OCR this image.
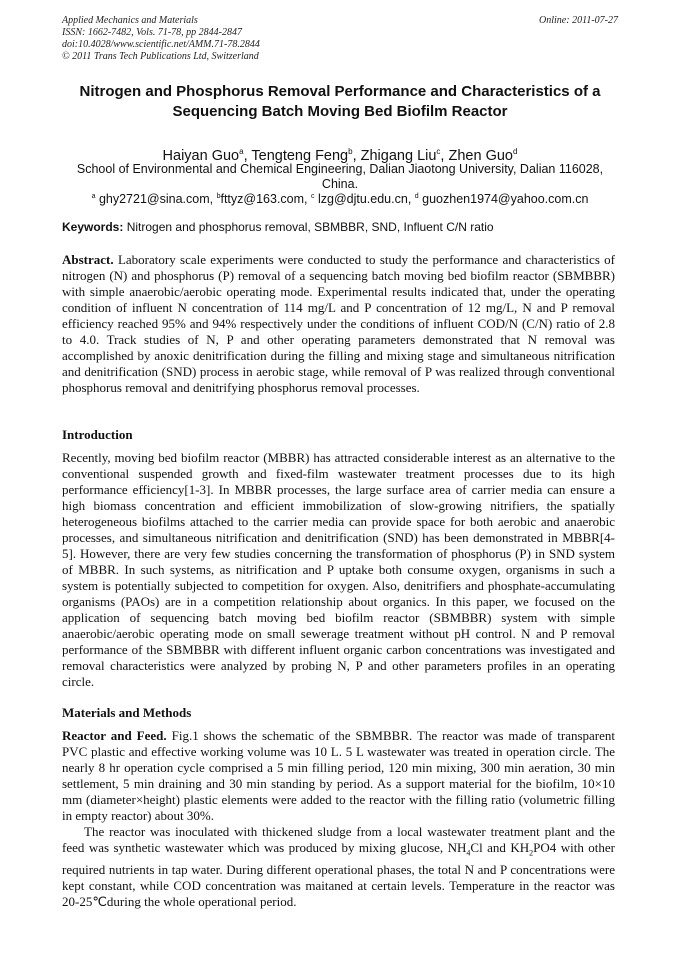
Applied Mechanics and Materials
ISSN: 1662-7482, Vols. 71-78, pp 2844-2847
doi:10.4028/www.scientific.net/AMM.71-78.2844
© 2011 Trans Tech Publications Ltd, Switzerland
Online: 2011-07-27
Nitrogen and Phosphorus Removal Performance and Characteristics of a Sequencing Batch Moving Bed Biofilm Reactor
Haiyan Guo$^a$, Tengteng Feng$^b$, Zhigang Liu$^c$, Zhen Guo$^d$
School of Environmental and Chemical Engineering, Dalian Jiaotong University, Dalian 116028, China.
$^a$ ghy2721@sina.com, $^b$fttyz@163.com, $^c$ lzg@djtu.edu.cn, $^d$ guozhen1974@yahoo.com.cn
Keywords: Nitrogen and phosphorus removal, SBMBBR, SND, Influent C/N ratio
Abstract. Laboratory scale experiments were conducted to study the performance and characteristics of nitrogen (N) and phosphorus (P) removal of a sequencing batch moving bed biofilm reactor (SBMBBR) with simple anaerobic/aerobic operating mode. Experimental results indicated that, under the operating condition of influent N concentration of 114 mg/L and P concentration of 12 mg/L, N and P removal efficiency reached 95% and 94% respectively under the conditions of influent COD/N (C/N) ratio of 2.8 to 4.0. Track studies of N, P and other operating parameters demonstrated that N removal was accomplished by anoxic denitrification during the filling and mixing stage and simultaneous nitrification and denitrification (SND) process in aerobic stage, while removal of P was realized through conventional phosphorus removal and denitrifying phosphorus removal processes.
Introduction
Recently, moving bed biofilm reactor (MBBR) has attracted considerable interest as an alternative to the conventional suspended growth and fixed-film wastewater treatment processes due to its high performance efficiency[1-3]. In MBBR processes, the large surface area of carrier media can ensure a high biomass concentration and efficient immobilization of slow-growing nitrifiers, the spatially heterogeneous biofilms attached to the carrier media can provide space for both aerobic and anaerobic processes, and simultaneous nitrification and denitrification (SND) has been demonstrated in MBBR[4-5]. However, there are very few studies concerning the transformation of phosphorus (P) in SND system of MBBR. In such systems, as nitrification and P uptake both consume oxygen, organisms in such a system is potentially subjected to competition for oxygen. Also, denitrifiers and phosphate-accumulating organisms (PAOs) are in a competition relationship about organics. In this paper, we focused on the application of sequencing batch moving bed biofilm reactor (SBMBBR) system with simple anaerobic/aerobic operating mode on small sewerage treatment without pH control. N and P removal performance of the SBMBBR with different influent organic carbon concentrations was investigated and removal characteristics were analyzed by probing N, P and other parameters profiles in an operating circle.
Materials and Methods
Reactor and Feed. Fig.1 shows the schematic of the SBMBBR. The reactor was made of transparent PVC plastic and effective working volume was 10 L. 5 L wastewater was treated in operation circle. The nearly 8 hr operation cycle comprised a 5 min filling period, 120 min mixing, 300 min aeration, 30 min settlement, 5 min draining and 30 min standing by period. As a support material for the biofilm, 10×10 mm (diameter×height) plastic elements were added to the reactor with the filling ratio (volumetric filling in empty reactor) about 30%.
The reactor was inoculated with thickened sludge from a local wastewater treatment plant and the feed was synthetic wastewater which was produced by mixing glucose, $NH_4Cl$ and $KH_2PO4$ with other required nutrients in tap water. During different operational phases, the total N and P concentrations were kept constant, while COD concentration was maitaned at certain levels. Temperature in the reactor was 20-25℃during the whole operational period.
